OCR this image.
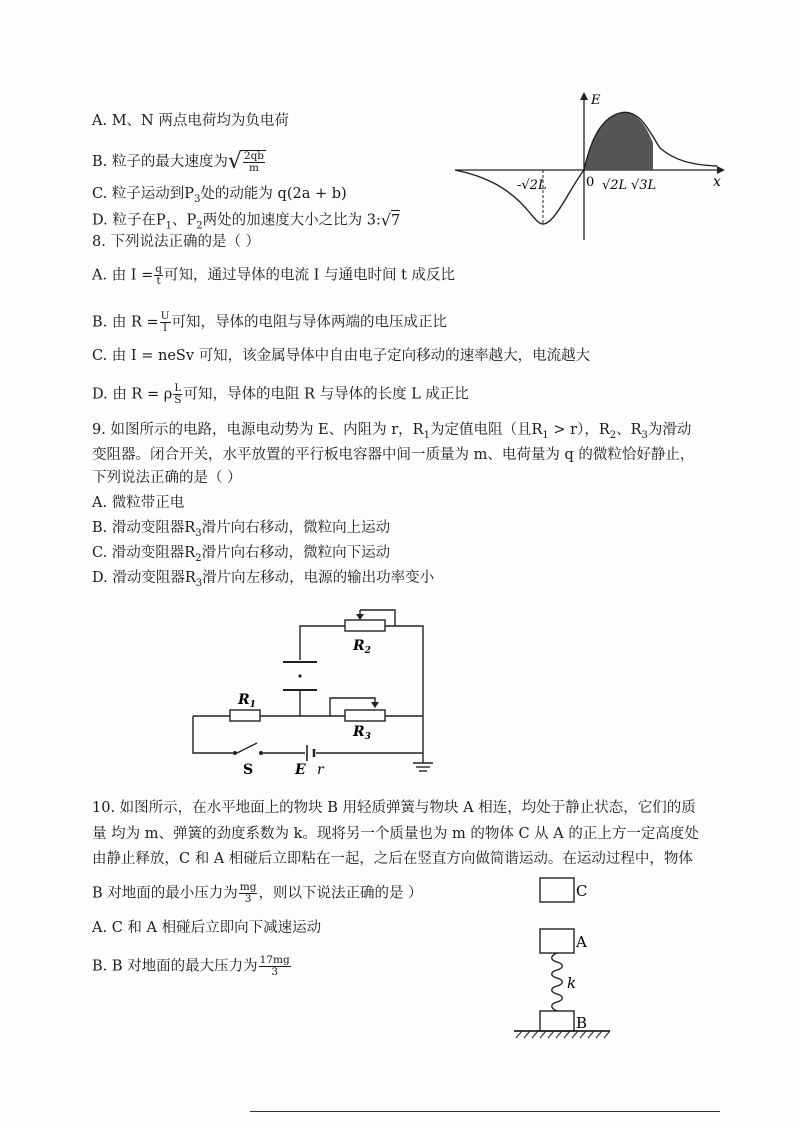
A. M、N 两点电荷均为负电荷
B. 粒子的最大速度为√ $\frac{2qb}{m}$
C. 粒子运动到$P_3$处的动能为 q(2a + b)
D. 粒子在$P_1$、$P_2$两处的加速度大小之比为 3:√7
E
x
0
-√2L	√2L √3L
8. 下列说法正确的是（ ）
A. 由 $I = \frac{q}{t}$ 可知，通过导体的电流 I 与通电时间 t 成反比
B. 由 $R = \frac{U}{I}$ 可知，导体的电阻与导体两端的电压成正比
C. 由 I = neSv 可知，该金属导体中自由电子定向移动的速率越大，电流越大
D. 由 R = ρ $\frac{L}{S}$ 可知，导体的电阻 R 与导体的长度 L 成正比
9. 如图所示的电路，电源电动势为 E、内阻为 r，$R_1$为定值电阻（且$R_1 > r$），$R_2$、$R_3$为滑动
变阻器。闭合开关，水平放置的平行板电容器中间一质量为 m、电荷量为 q 的微粒恰好静止，
下列说法正确的是（ ）
A. 微粒带正电
B. 滑动变阻器$R_3$滑片向右移动，微粒向上运动
C. 滑动变阻器$R_2$滑片向右移动，微粒向下运动
D. 滑动变阻器$R_3$滑片向左移动，电源的输出功率变小
$R_1$
$R_2$
$R_3$
S	E r
10. 如图所示，在水平地面上的物块 B 用轻质弹簧与物块 A 相连，均处于静止状态，它们的质
量 均为 m、弹簧的劲度系数为 k。现将另一个质量也为 m 的物体 C 从 A 的正上方一定高度处
由静止释放，C 和 A 相碰后立即粘在一起，之后在竖直方向做简谐运动。在运动过程中，物体
B 对地面的最小压力为 $\frac{mg}{3}$ ，则以下说法正确的是 ）
A. C 和 A 相碰后立即向下减速运动
B. B 对地面的最大压力为 $\frac{17mg}{3}$
C
A
k
B
